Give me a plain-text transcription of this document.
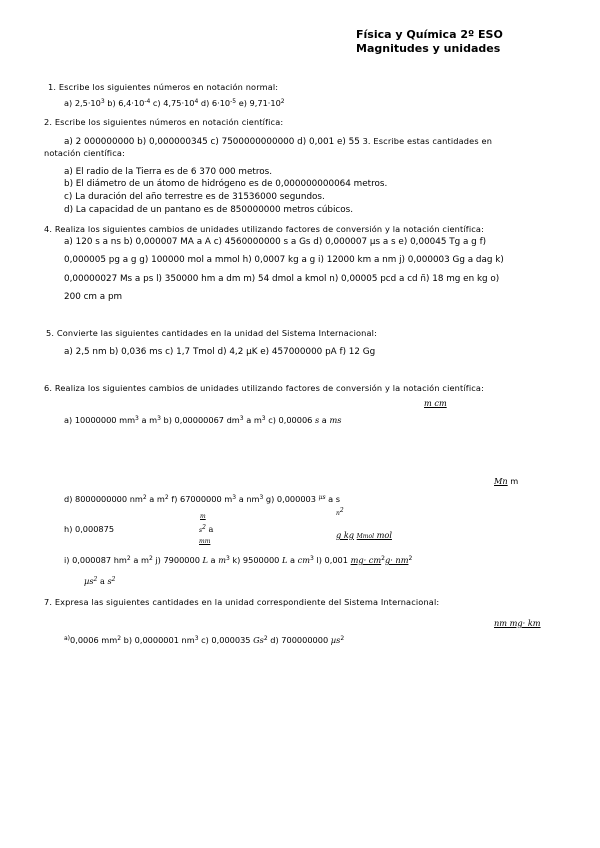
Física y Química 2º ESO
Magnitudes y unidades
1. Escribe los siguientes números en notación normal:
a) $2,5\cdot 10^3$ b) $6,4\cdot 10^{-4}$ c) $4,75\cdot 10^4$ d) $6\cdot 10^{-5}$ e) $9,71\cdot 10^2$
2. Escribe los siguientes números en notación científica:
a) 2 000000000 b) 0,000000345 c) 7500000000000 d) 0,001 e) 55 3. Escribe estas cantidades en
notación científica:
a) El radio de la Tierra es de 6 370 000 metros.
b) El diámetro de un átomo de hidrógeno es de 0,000000000064 metros.
c) La duración del año terrestre es de 31536000 segundos.
d) La capacidad de un pantano es de 850000000 metros cúbicos.
4. Realiza los siguientes cambios de unidades utilizando factores de conversión y la notación científica:
a) 120 s a ns b) 0,000007 MA a A c) 4560000000 s a Gs d) 0,000007 µs a s e) 0,00045 Tg a g f)
0,000005 pg a g g) 100000 mol a mmol h) 0,0007 kg a g i) 12000 km a nm j) 0,000003 Gg a dag k)
0,00000027 Ms a ps l) 350000 hm a dm m) 54 dmol a kmol n) 0,00005 pcd a cd ñ) 18 mg en kg o)
200 cm a pm
5. Convierte las siguientes cantidades en la unidad del Sistema Internacional:
a) 2,5 nm b) 0,036 ms c) 1,7 Tmol d) 4,2 µK e) 457000000 pA f) 12 Gg
6. Realiza los siguientes cambios de unidades utilizando factores de conversión y la notación científica:
m cm
a) 10000000 $mm^3$ a $m^3$ b) 0,00000067 $dm^3$ a $m^3$ c) 0,00006 s a ms
Mn m
d) 8000000000 $nm^2$ a $m^2$ f) 67000000 $m^3$ a $nm^3$ g) 0,000003 $^{\mu s}$ a s
$n^2$
h) 0,000875
m
$s^2$ a
mm
g kg Mmol mol
i) 0,000087 $hm^2$ a $m^2$ j) 7900000 L a $m^3$ k) 9500000 L a $cm^3$ l) 0,001 $mg\cdot cm^2g\cdot nm^2$
µs$^2$ a $s^2$
7. Expresa las siguientes cantidades en la unidad correspondiente del Sistema Internacional:
nm mg· km
$^{a)}$0,0006 $mm^2$ b) 0,0000001 $nm^3$ c) 0,000035 Gs$^2$ d) 700000000 µs$^2$
